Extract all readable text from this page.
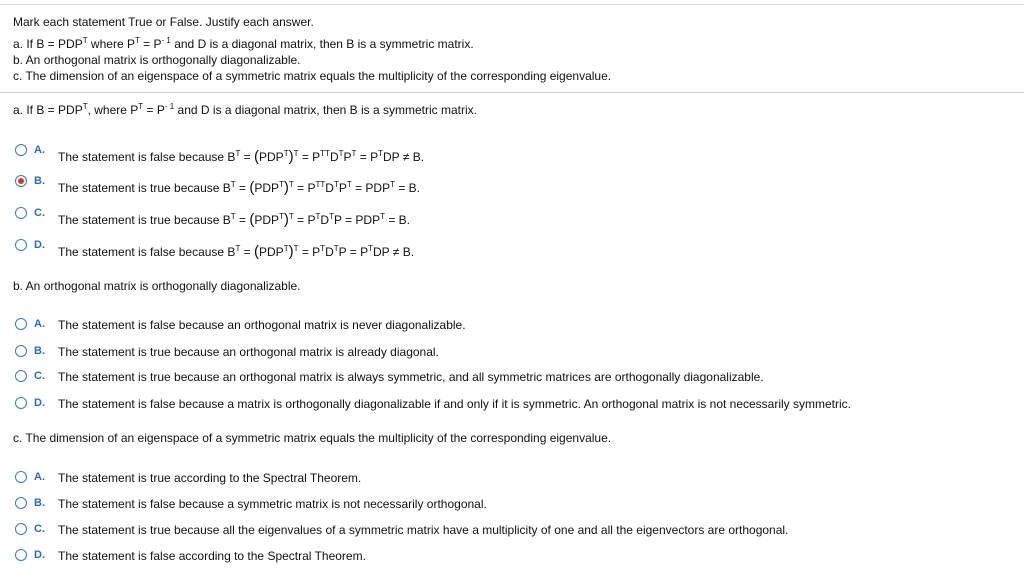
Mark each statement True or False. Justify each answer.
a. If $B = PDP^T$ where $P^T = P^{- 1}$ and D is a diagonal matrix, then B is a symmetric matrix.
b. An orthogonal matrix is orthogonally diagonalizable.
c. The dimension of an eigenspace of a symmetric matrix equals the multiplicity of the corresponding eigenvalue.
a. If $B = PDP^T$, where $P^T = P^{- 1}$ and D is a diagonal matrix, then B is a symmetric matrix.
A. The statement is false because $B^T = (PDP^T)^T = P^{TT}D^TP^T = P^TDP \ne B$.
B. The statement is true because $B^T = (PDP^T)^T = P^{TT}D^TP^T = PDP^T = B$.
C. The statement is true because $B^T = (PDP^T)^T = P^TD^TP = PDP^T = B$.
D. The statement is false because $B^T = (PDP^T)^T = P^TD^TP = P^TDP \ne B$.
b. An orthogonal matrix is orthogonally diagonalizable.
A. The statement is false because an orthogonal matrix is never diagonalizable.
B. The statement is true because an orthogonal matrix is already diagonal.
C. The statement is true because an orthogonal matrix is always symmetric, and all symmetric matrices are orthogonally diagonalizable.
D. The statement is false because a matrix is orthogonally diagonalizable if and only if it is symmetric. An orthogonal matrix is not necessarily symmetric.
c. The dimension of an eigenspace of a symmetric matrix equals the multiplicity of the corresponding eigenvalue.
A. The statement is true according to the Spectral Theorem.
B. The statement is false because a symmetric matrix is not necessarily orthogonal.
C. The statement is true because all the eigenvalues of a symmetric matrix have a multiplicity of one and all the eigenvectors are orthogonal.
D. The statement is false according to the Spectral Theorem.
